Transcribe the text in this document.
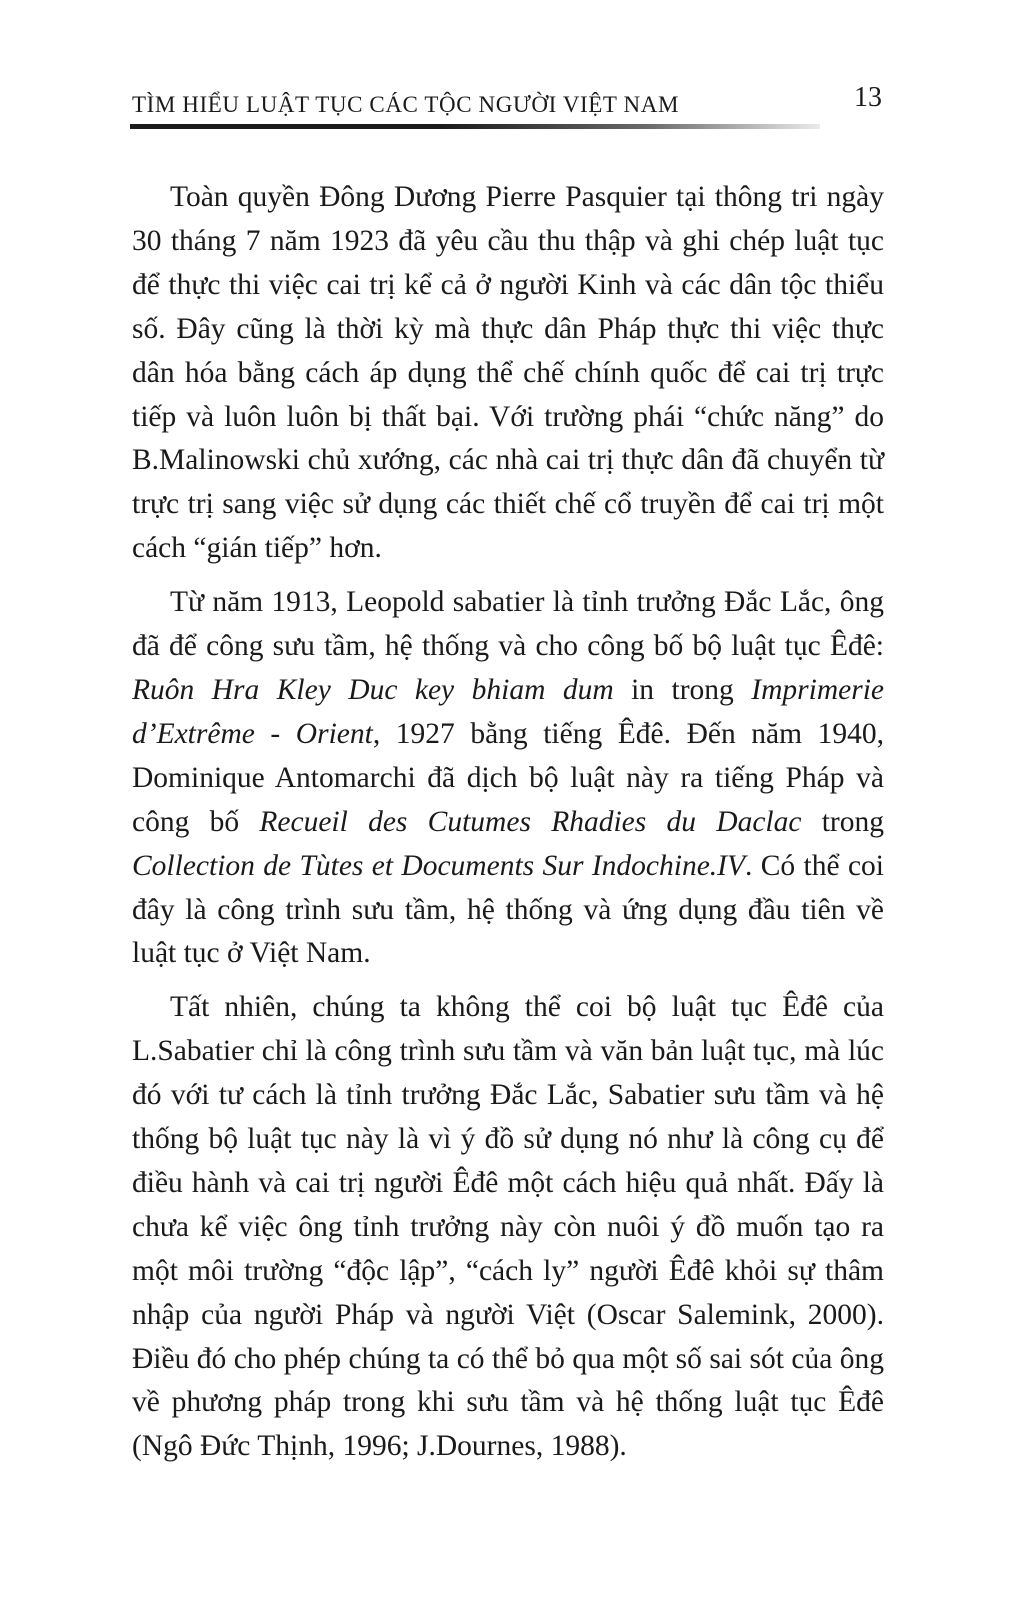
TÌM HIỂU LUẬT TỤC CÁC TỘC NGƯỜI VIỆT NAM	13

Toàn quyền Đông Dương Pierre Pasquier tại thông tri ngày 30 tháng 7 năm 1923 đã yêu cầu thu thập và ghi chép luật tục để thực thi việc cai trị kể cả ở người Kinh và các dân tộc thiểu số. Đây cũng là thời kỳ mà thực dân Pháp thực thi việc thực dân hóa bằng cách áp dụng thể chế chính quốc để cai trị trực tiếp và luôn luôn bị thất bại. Với trường phái “chức năng” do B.Malinowski chủ xướng, các nhà cai trị thực dân đã chuyển từ trực trị sang việc sử dụng các thiết chế cổ truyền để cai trị một cách “gián tiếp” hơn.

Từ năm 1913, Leopold sabatier là tỉnh trưởng Đắc Lắc, ông đã để công sưu tầm, hệ thống và cho công bố bộ luật tục Êđê: Ruôn Hra Kley Duc key bhiam dum in trong Imprimerie d’Extrême - Orient, 1927 bằng tiếng Êđê. Đến năm 1940, Dominique Antomarchi đã dịch bộ luật này ra tiếng Pháp và công bố Recueil des Cutumes Rhadies du Daclac trong Collection de Tùtes et Documents Sur Indochine.IV. Có thể coi đây là công trình sưu tầm, hệ thống và ứng dụng đầu tiên về luật tục ở Việt Nam.

Tất nhiên, chúng ta không thể coi bộ luật tục Êđê của L.Sabatier chỉ là công trình sưu tầm và văn bản luật tục, mà lúc đó với tư cách là tỉnh trưởng Đắc Lắc, Sabatier sưu tầm và hệ thống bộ luật tục này là vì ý đồ sử dụng nó như là công cụ để điều hành và cai trị người Êđê một cách hiệu quả nhất. Đấy là chưa kể việc ông tỉnh trưởng này còn nuôi ý đồ muốn tạo ra một môi trường “độc lập”, “cách ly” người Êđê khỏi sự thâm nhập của người Pháp và người Việt (Oscar Salemink, 2000). Điều đó cho phép chúng ta có thể bỏ qua một số sai sót của ông về phương pháp trong khi sưu tầm và hệ thống luật tục Êđê (Ngô Đức Thịnh, 1996; J.Dournes, 1988).
